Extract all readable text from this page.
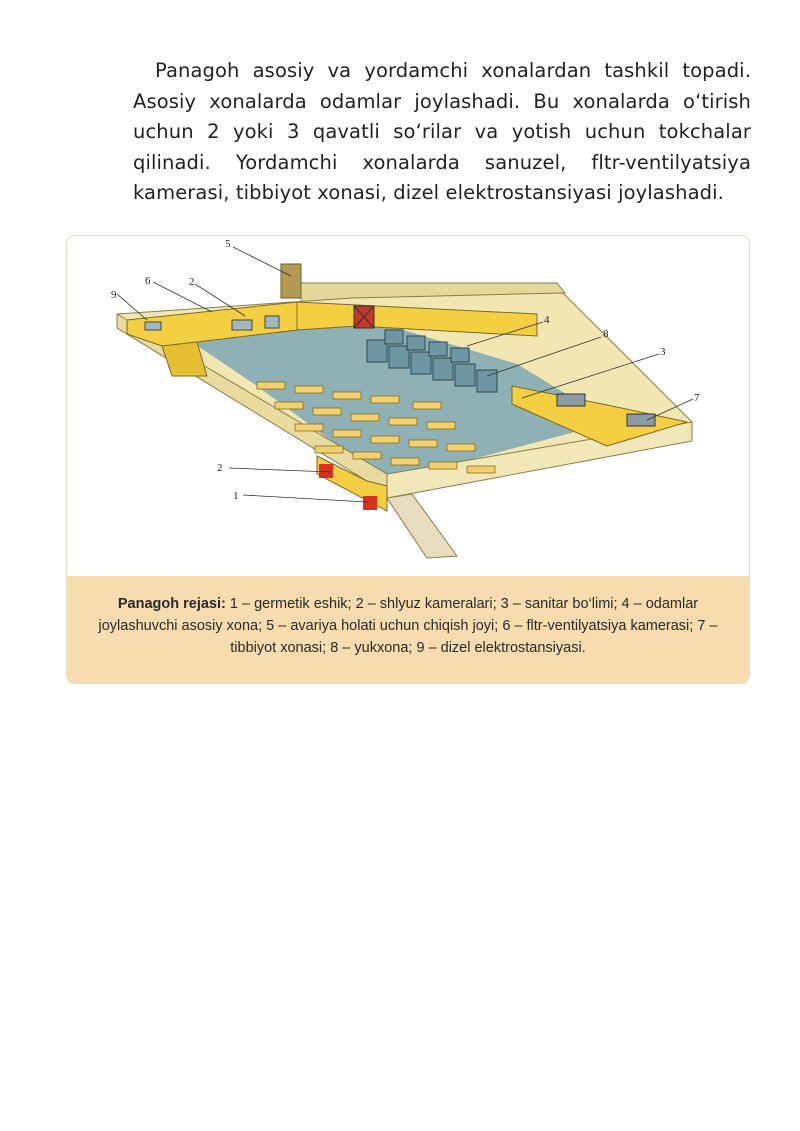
Panagoh asosiy va yordamchi xonalardan tashkil topadi. Asosiy xonalarda odamlar joylashadi. Bu xonalarda o‘tirish uchun 2 yoki 3 qavatli so‘rilar va yotish uchun tokchalar qilinadi. Yordamchi xonalarda sanuzel, fltr-ventilyatsiya kamerasi, tibbiyot xonasi, dizel elektrostansiyasi joylashadi.

5
6	2
9
4
8
3
7
2
1

Panagoh rejasi: 1 – germetik eshik; 2 – shlyuz kameralari; 3 – sanitar bo‘limi; 4 – odamlar joylashuvchi asosiy xona; 5 – avariya holati uchun chiqish joyi; 6 – fltr-ventilyatsiya kamerasi; 7 – tibbiyot xonasi; 8 – yukxona; 9 – dizel elektrostansiyasi.
